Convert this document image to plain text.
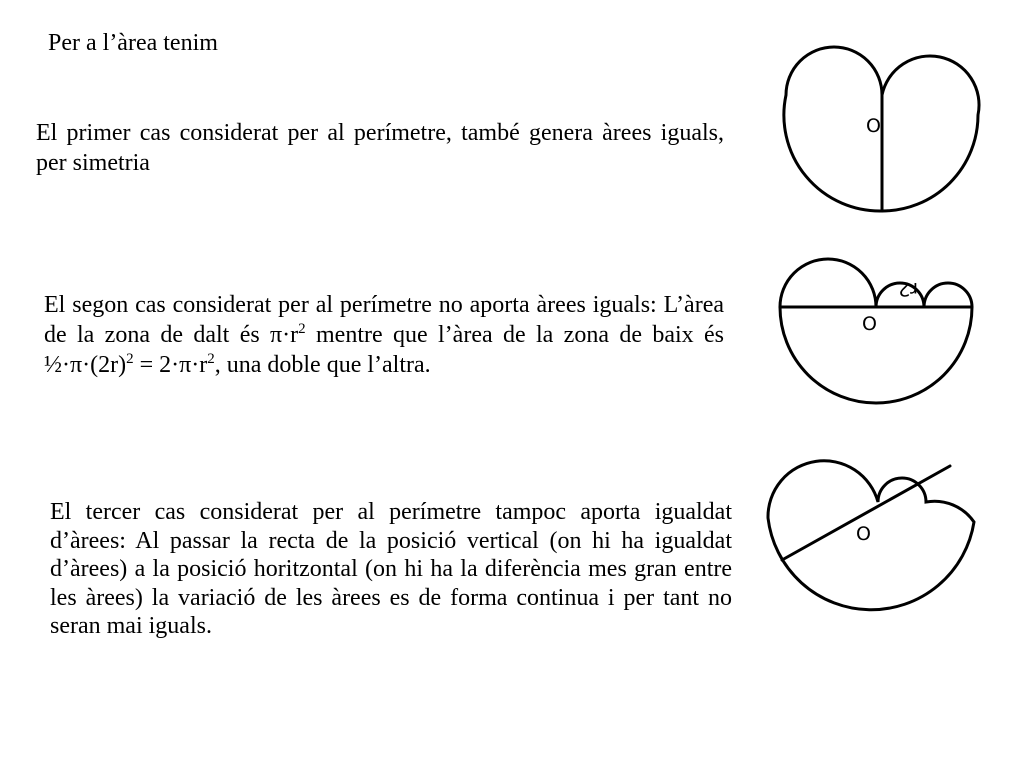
Per a l’àrea tenim
El primer cas considerat per al perímetre, també genera àrees iguals, per simetria
El segon cas considerat per al perímetre no aporta àrees iguals: L’àrea de la zona de dalt és $\pi\cdot r^2$ mentre que l’àrea de la zona de baix és $\frac{1}{2}\cdot\pi\cdot(2r)^2 = 2\cdot\pi\cdot r^2$, una doble que l’altra.
El tercer cas considerat per al perímetre tampoc aporta igualdat d’àrees: Al passar la recta de la posició vertical (on hi ha igualdat d’àrees) a la posició horitzontal (on hi ha la diferència mes gran entre les àrees) la variació de les àrees es de forma continua i per tant no seran mai iguals.
O
O
r2
O
